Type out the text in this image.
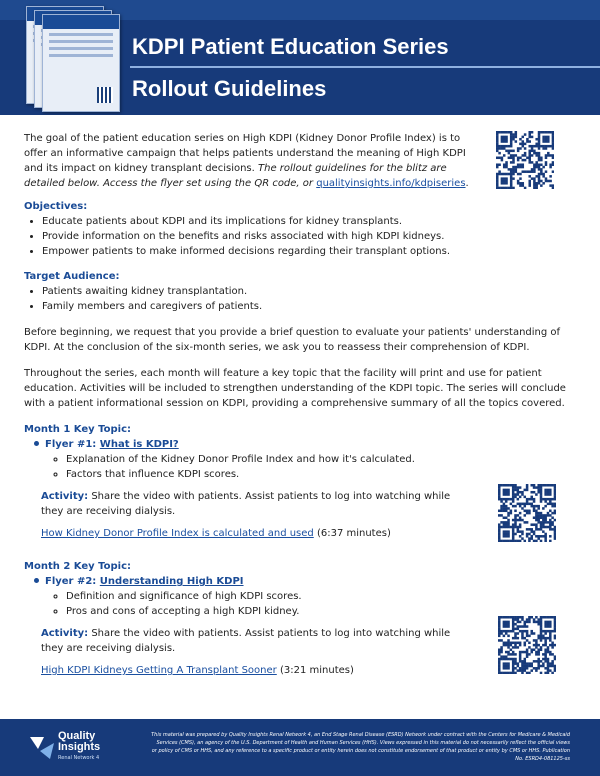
KDPI Patient Education Series
Rollout Guidelines
The goal of the patient education series on High KDPI (Kidney Donor Profile Index) is to offer an informative campaign that helps patients understand the meaning of High KDPI and its impact on kidney transplant decisions. The rollout guidelines for the blitz are detailed below. Access the flyer set using the QR code, or qualityinsights.info/kdpiseries.
Objectives:
• Educate patients about KDPI and its implications for kidney transplants.
• Provide information on the benefits and risks associated with high KDPI kidneys.
• Empower patients to make informed decisions regarding their transplant options.
Target Audience:
• Patients awaiting kidney transplantation.
• Family members and caregivers of patients.

Before beginning, we request that you provide a brief question to evaluate your patients' understanding of KDPI. At the conclusion of the six-month series, we ask you to reassess their comprehension of KDPI.

Throughout the series, each month will feature a key topic that the facility will print and use for patient education. Activities will be included to strengthen understanding of the KDPI topic. The series will conclude with a patient informational session on KDPI, providing a comprehensive summary of all the topics covered.

Month 1 Key Topic:
Flyer #1: What is KDPI?
◦ Explanation of the Kidney Donor Profile Index and how it's calculated.
◦ Factors that influence KDPI scores.
Activity: Share the video with patients. Assist patients to log into watching while they are receiving dialysis.
How Kidney Donor Profile Index is calculated and used (6:37 minutes)
Month 2 Key Topic:
Flyer #2: Understanding High KDPI
◦ Definition and significance of high KDPI scores.
◦ Pros and cons of accepting a high KDPI kidney.
Activity: Share the video with patients. Assist patients to log into watching while they are receiving dialysis.
High KDPI Kidneys Getting A Transplant Sooner (3:21 minutes)
Quality
Insights
Renal Network 4
This material was prepared by Quality Insights Renal Network 4, an End Stage Renal Disease (ESRD) Network under contract with the Centers for Medicare & Medicaid Services (CMS), an agency of the U.S. Department of Health and Human Services (HHS). Views expressed in this material do not necessarily reflect the official views or policy of CMS or HHS, and any reference to a specific product or entity herein does not constitute endorsement of that product or entity by CMS or HHS. Publication No. ESRD4-081125-ss
